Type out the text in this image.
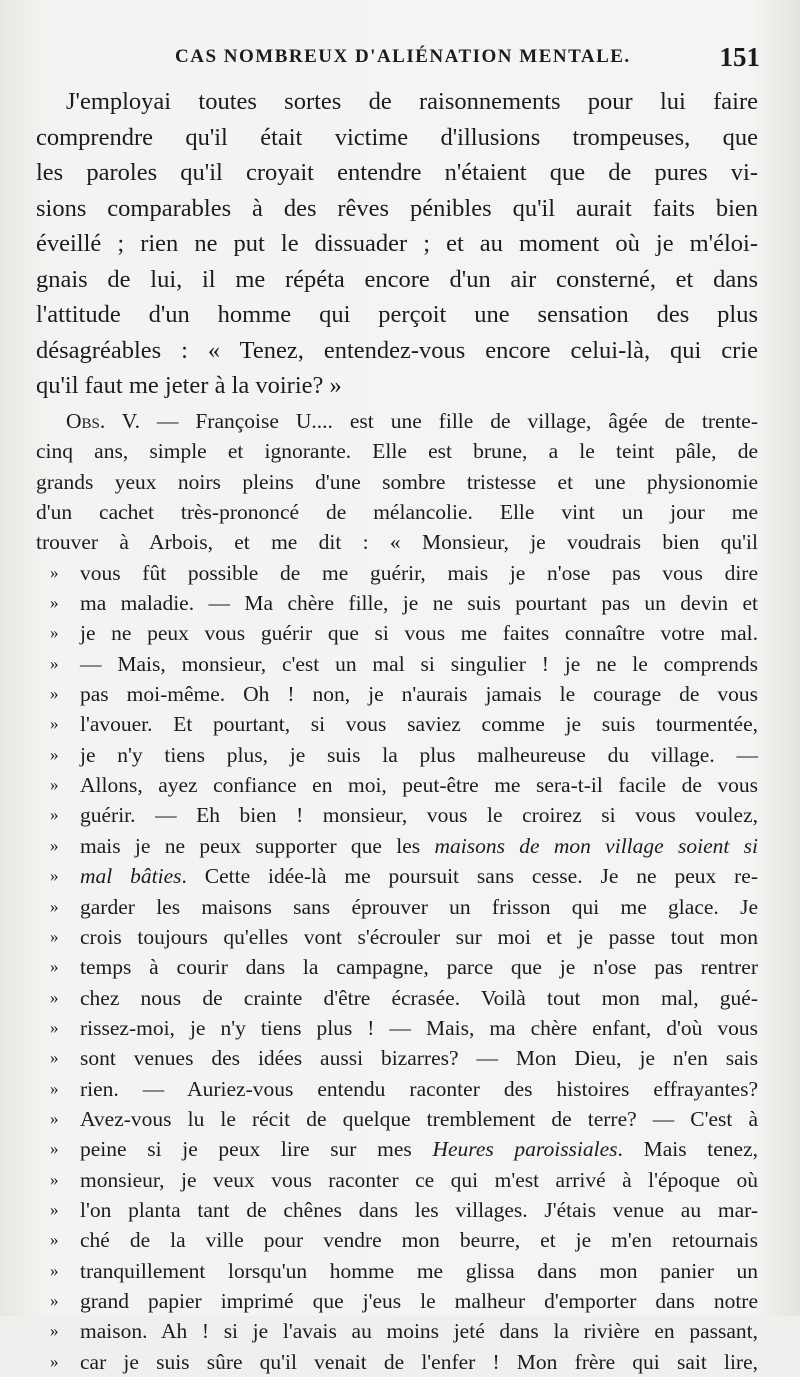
CAS NOMBREUX D'ALIÉNATION MENTALE.	151
J'employai toutes sortes de raisonnements pour lui faire
comprendre qu'il était victime d'illusions trompeuses, que
les paroles qu'il croyait entendre n'étaient que de pures vi-
sions comparables à des rêves pénibles qu'il aurait faits bien
éveillé ; rien ne put le dissuader ; et au moment où je m'éloi-
gnais de lui, il me répéta encore d'un air consterné, et dans
l'attitude d'un homme qui perçoit une sensation des plus
désagréables : « Tenez, entendez-vous encore celui-là, qui crie
qu'il faut me jeter à la voirie? »
Obs. V. — Françoise U.... est une fille de village, âgée de trente-
cinq ans, simple et ignorante. Elle est brune, a le teint pâle, de
grands yeux noirs pleins d'une sombre tristesse et une physionomie
d'un cachet très-prononcé de mélancolie. Elle vint un jour me
trouver à Arbois, et me dit : « Monsieur, je voudrais bien qu'il
» vous fût possible de me guérir, mais je n'ose pas vous dire
» ma maladie. — Ma chère fille, je ne suis pourtant pas un devin et
» je ne peux vous guérir que si vous me faites connaître votre mal.
» — Mais, monsieur, c'est un mal si singulier ! je ne le comprends
» pas moi-même. Oh ! non, je n'aurais jamais le courage de vous
» l'avouer. Et pourtant, si vous saviez comme je suis tourmentée,
» je n'y tiens plus, je suis la plus malheureuse du village. —
» Allons, ayez confiance en moi, peut-être me sera-t-il facile de vous
» guérir. — Eh bien ! monsieur, vous le croirez si vous voulez,
» mais je ne peux supporter que les maisons de mon village soient si
» mal bâties. Cette idée-là me poursuit sans cesse. Je ne peux re-
» garder les maisons sans éprouver un frisson qui me glace. Je
» crois toujours qu'elles vont s'écrouler sur moi et je passe tout mon
» temps à courir dans la campagne, parce que je n'ose pas rentrer
» chez nous de crainte d'être écrasée. Voilà tout mon mal, gué-
» rissez-moi, je n'y tiens plus ! — Mais, ma chère enfant, d'où vous
» sont venues des idées aussi bizarres? — Mon Dieu, je n'en sais
» rien. — Auriez-vous entendu raconter des histoires effrayantes?
» Avez-vous lu le récit de quelque tremblement de terre? — C'est à
» peine si je peux lire sur mes Heures paroissiales. Mais tenez,
» monsieur, je veux vous raconter ce qui m'est arrivé à l'époque où
» l'on planta tant de chênes dans les villages. J'étais venue au mar-
» ché de la ville pour vendre mon beurre, et je m'en retournais
» tranquillement lorsqu'un homme me glissa dans mon panier un
» grand papier imprimé que j'eus le malheur d'emporter dans notre
» maison. Ah ! si je l'avais au moins jeté dans la rivière en passant,
» car je suis sûre qu'il venait de l'enfer ! Mon frère qui sait lire,
